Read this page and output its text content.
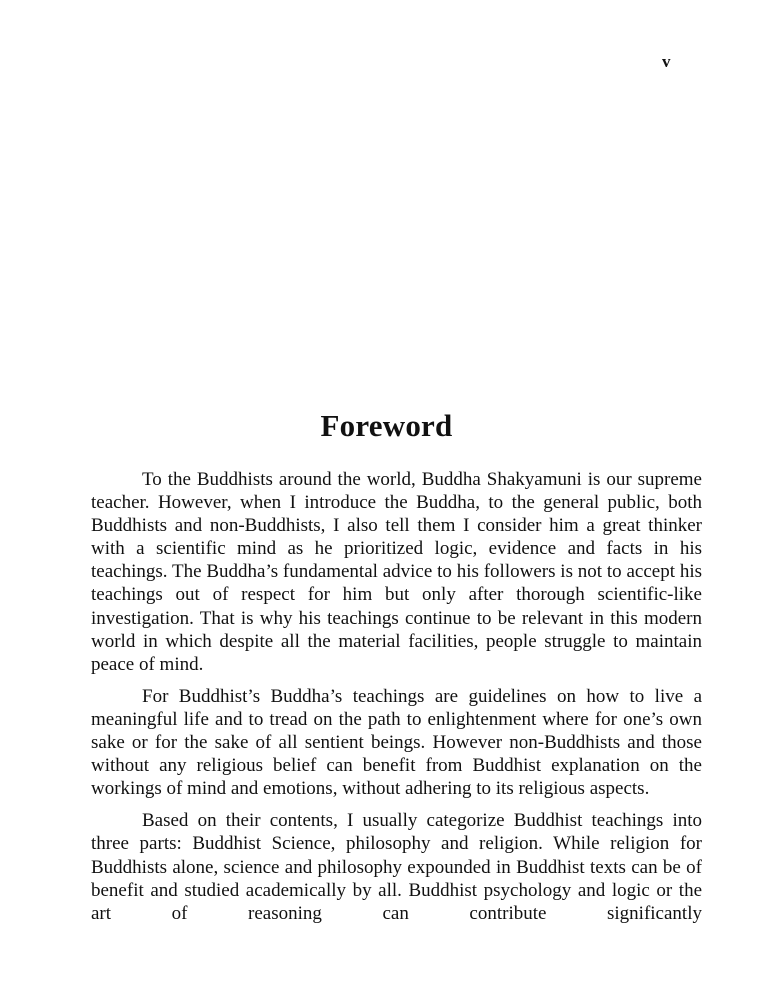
v
Foreword

To the Buddhists around the world, Buddha Shakyamuni is our supreme teacher. However, when I introduce the Buddha, to the general public, both Buddhists and non-Buddhists, I also tell them I consider him a great thinker with a scientific mind as he prioritized logic, evidence and facts in his teachings. The Buddha’s fundamental advice to his followers is not to accept his teachings out of respect for him but only after thorough scientific-like investigation. That is why his teachings continue to be relevant in this modern world in which despite all the material facilities, people struggle to maintain peace of mind.

For Buddhist’s Buddha’s teachings are guidelines on how to live a meaningful life and to tread on the path to enlightenment where for one’s own sake or for the sake of all sentient beings. However non-Buddhists and those without any religious belief can benefit from Buddhist explanation on the workings of mind and emotions, without adhering to its religious aspects.

Based on their contents, I usually categorize Buddhist teachings into three parts: Buddhist Science, philosophy and religion. While religion for Buddhists alone, science and philosophy expounded in Buddhist texts can be of benefit and studied academically by all. Buddhist psychology and logic or the art of reasoning can contribute significantly
